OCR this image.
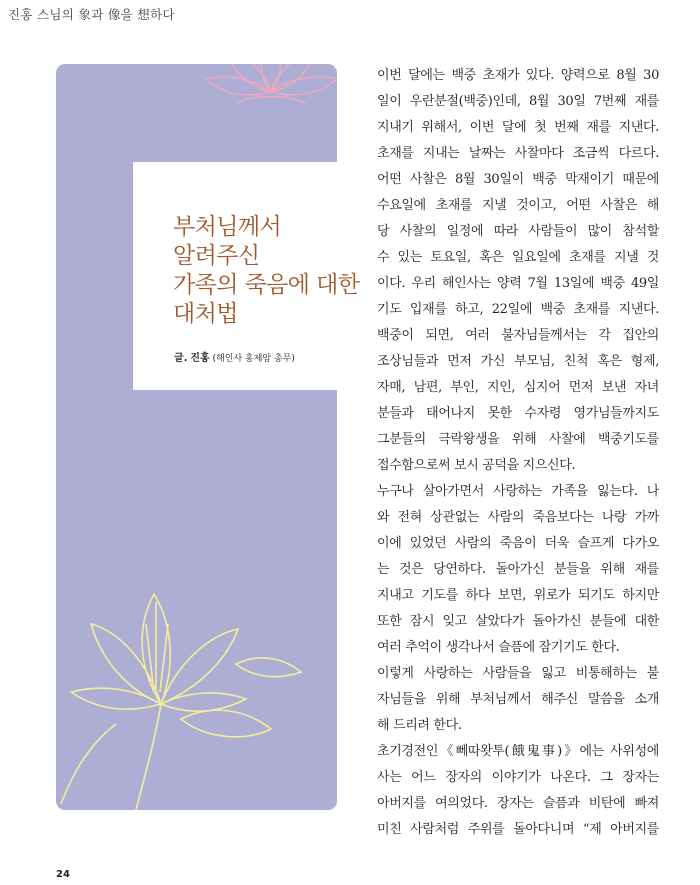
진홍 스님의 象과 像을 想하다
부처님께서
알려주신
가족의 죽음에 대한
대처법
글. 진홍 (해인사 홍제암 총무)
이번 달에는 백중 초재가 있다. 양력으로 8월 30
일이 우란분절(백중)인데, 8월 30일 7번째 재를
지내기 위해서, 이번 달에 첫 번째 재를 지낸다.
초재를 지내는 날짜는 사찰마다 조금씩 다르다.
어떤 사찰은 8월 30일이 백중 막재이기 때문에
수요일에 초재를 지낼 것이고, 어떤 사찰은 해
당 사찰의 일정에 따라 사람들이 많이 참석할
수 있는 토요일, 혹은 일요일에 초재를 지낼 것
이다. 우리 해인사는 양력 7월 13일에 백중 49일
기도 입재를 하고, 22일에 백중 초재를 지낸다.
백중이 되면, 여러 불자님들께서는 각 집안의
조상님들과 먼저 가신 부모님, 친척 혹은 형제,
자매, 남편, 부인, 지인, 심지어 먼저 보낸 자녀
분들과 태어나지 못한 수자령 영가님들까지도
그분들의 극락왕생을 위해 사찰에 백중기도를
접수함으로써 보시 공덕을 지으신다.
누구나 살아가면서 사랑하는 가족을 잃는다. 나
와 전혀 상관없는 사람의 죽음보다는 나랑 가까
이에 있었던 사람의 죽음이 더욱 슬프게 다가오
는 것은 당연하다. 돌아가신 분들을 위해 재를
지내고 기도를 하다 보면, 위로가 되기도 하지만
또한 잠시 잊고 살았다가 돌아가신 분들에 대한
여러 추억이 생각나서 슬픔에 잠기기도 한다.
이렇게 사랑하는 사람들을 잃고 비통해하는 불
자님들을 위해 부처님께서 해주신 말씀을 소개
해 드리려 한다.
초기경전인《뻬따왓투(餓鬼事)》에는 사위성에
사는 어느 장자의 이야기가 나온다. 그 장자는
아버지를 여의었다. 장자는 슬픔과 비탄에 빠져
미친 사람처럼 주위를 돌아다니며 “제 아버지를
24
